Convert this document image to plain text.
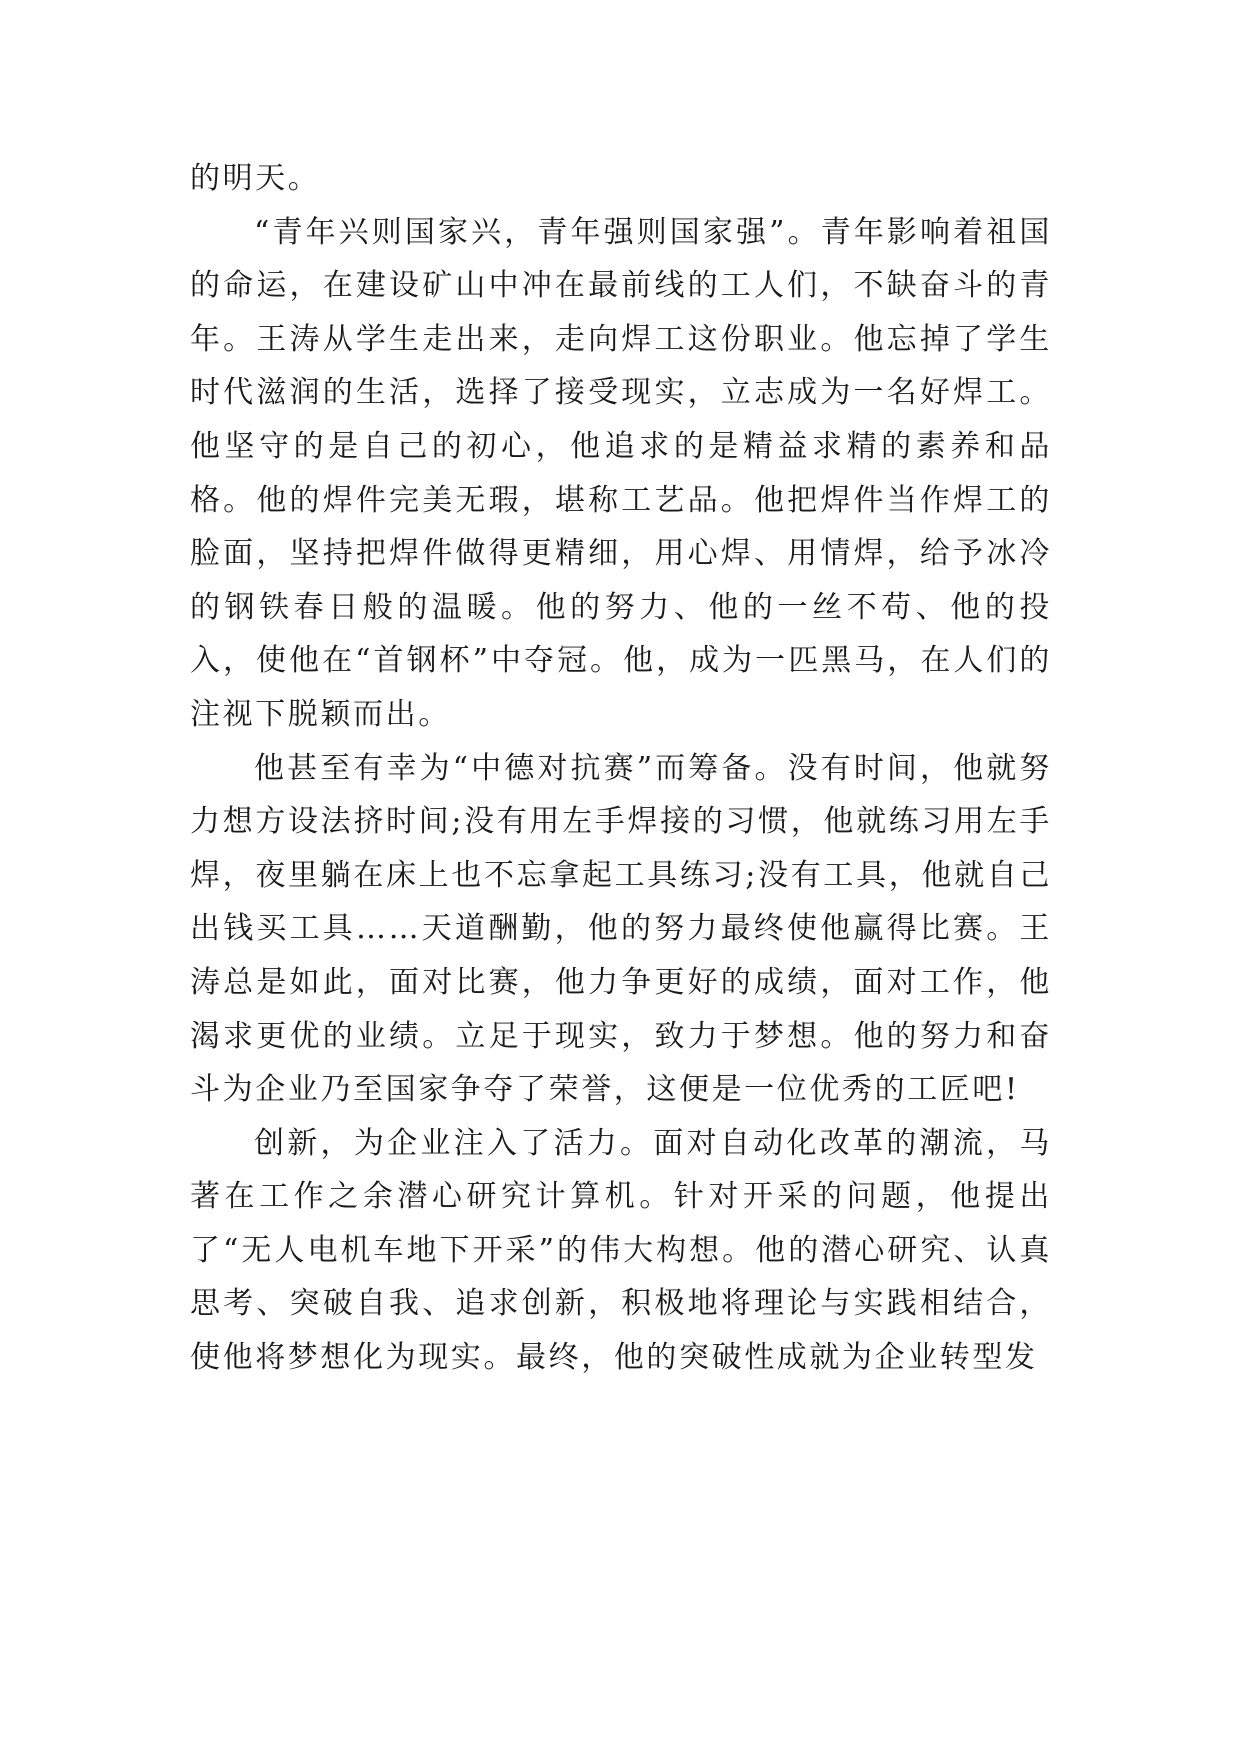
的明天。

“青年兴则国家兴，青年强则国家强”。青年影响着祖国的命运，在建设矿山中冲在最前线的工人们，不缺奋斗的青年。王涛从学生走出来，走向焊工这份职业。他忘掉了学生时代滋润的生活，选择了接受现实，立志成为一名好焊工。他坚守的是自己的初心，他追求的是精益求精的素养和品格。他的焊件完美无瑕，堪称工艺品。他把焊件当作焊工的脸面，坚持把焊件做得更精细，用心焊、用情焊，给予冰冷的钢铁春日般的温暖。他的努力、他的一丝不苟、他的投入，使他在“首钢杯”中夺冠。他，成为一匹黑马，在人们的注视下脱颖而出。

他甚至有幸为“中德对抗赛”而筹备。没有时间，他就努力想方设法挤时间;没有用左手焊接的习惯，他就练习用左手焊，夜里躺在床上也不忘拿起工具练习;没有工具，他就自己出钱买工具……天道酬勤，他的努力最终使他赢得比赛。王涛总是如此，面对比赛，他力争更好的成绩，面对工作，他渴求更优的业绩。立足于现实，致力于梦想。他的努力和奋斗为企业乃至国家争夺了荣誉，这便是一位优秀的工匠吧!

创新，为企业注入了活力。面对自动化改革的潮流，马著在工作之余潜心研究计算机。针对开采的问题，他提出了“无人电机车地下开采”的伟大构想。他的潜心研究、认真思考、突破自我、追求创新，积极地将理论与实践相结合，使他将梦想化为现实。最终，他的突破性成就为企业转型发
